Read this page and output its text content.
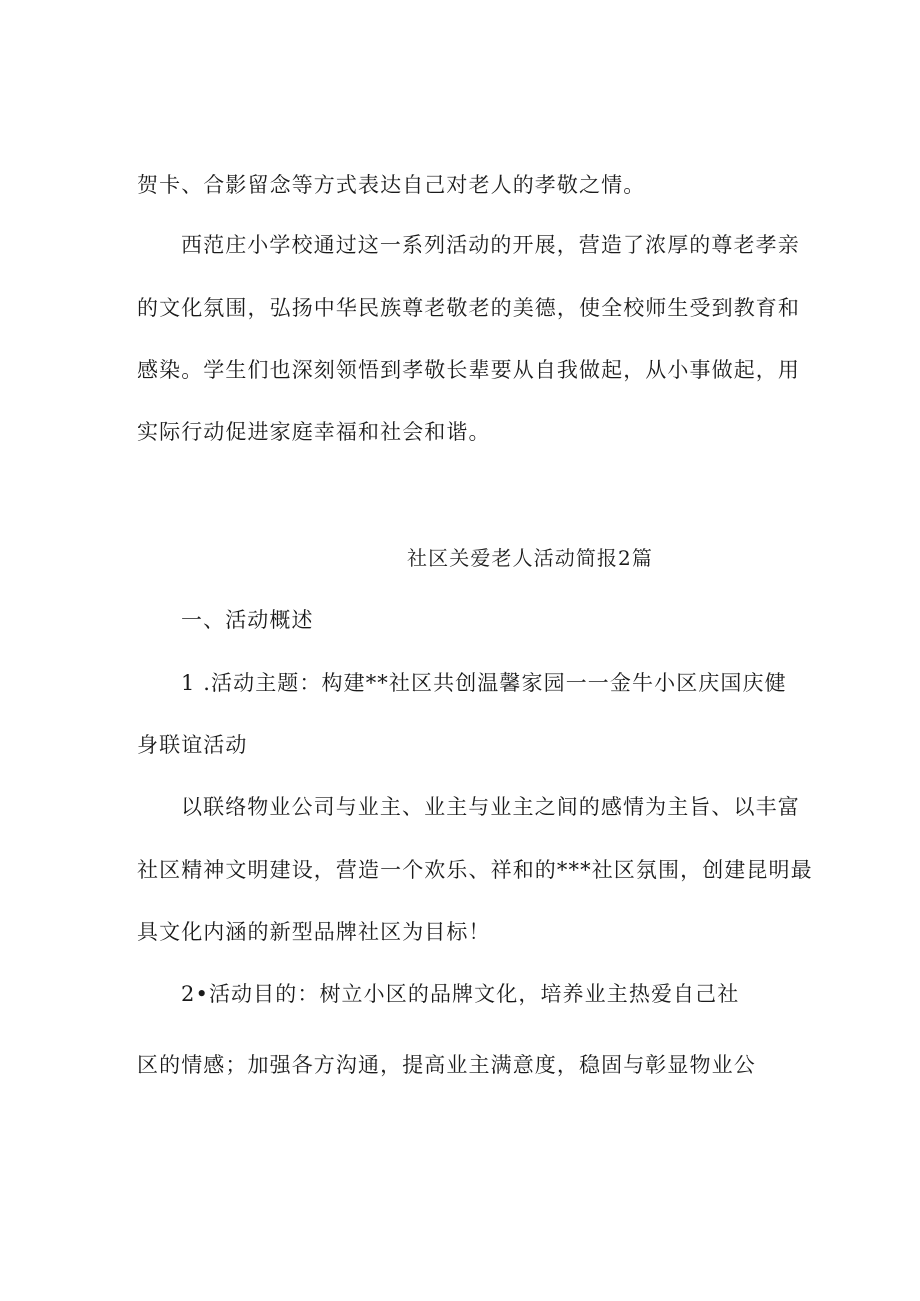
贺卡、合影留念等方式表达自己对老人的孝敬之情。
西范庄小学校通过这一系列活动的开展，营造了浓厚的尊老孝亲
的文化氛围，弘扬中华民族尊老敬老的美德，使全校师生受到教育和
感染。学生们也深刻领悟到孝敬长辈要从自我做起，从小事做起，用
实际行动促进家庭幸福和社会和谐。
社区关爱老人活动简报2篇
一、活动概述
1 .活动主题：构建**社区共创温馨家园一一金牛小区庆国庆健
身联谊活动
以联络物业公司与业主、业主与业主之间的感情为主旨、以丰富
社区精神文明建设，营造一个欢乐、祥和的***社区氛围，创建昆明最
具文化内涵的新型品牌社区为目标！
2•活动目的：树立小区的品牌文化，培养业主热爱自己社
区的情感；加强各方沟通，提高业主满意度，稳固与彰显物业公
